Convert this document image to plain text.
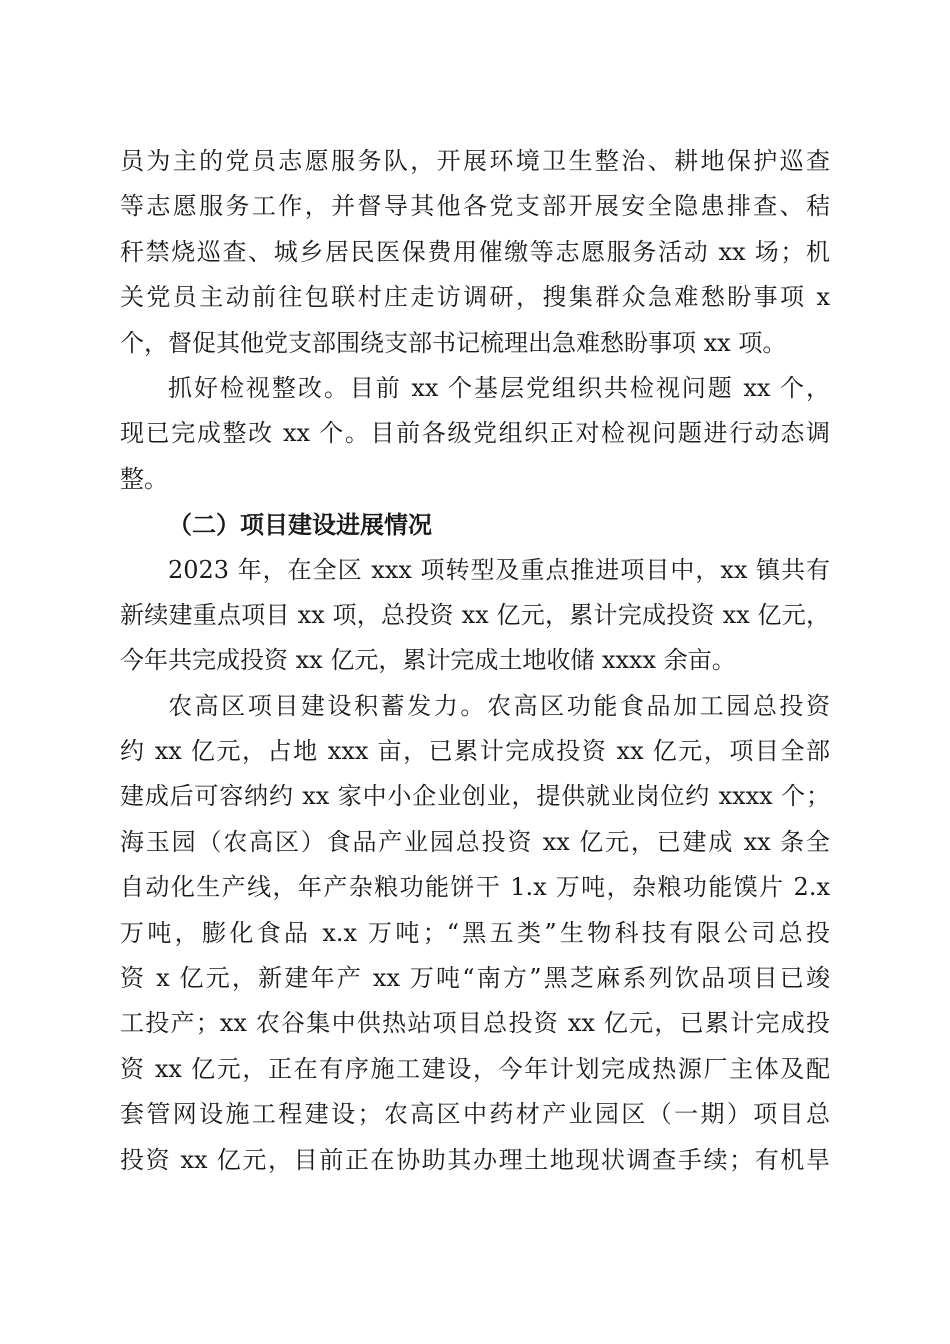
员为主的党员志愿服务队，开展环境卫生整治、耕地保护巡查
等志愿服务工作，并督导其他各党支部开展安全隐患排查、秸
秆禁烧巡查、城乡居民医保费用催缴等志愿服务活动 xx 场；机
关党员主动前往包联村庄走访调研，搜集群众急难愁盼事项 x
个，督促其他党支部围绕支部书记梳理出急难愁盼事项 xx 项。
抓好检视整改。目前 xx 个基层党组织共检视问题 xx 个，
现已完成整改 xx 个。目前各级党组织正对检视问题进行动态调
整。
（二）项目建设进展情况
2023 年，在全区 xxx 项转型及重点推进项目中，xx 镇共有
新续建重点项目 xx 项，总投资 xx 亿元，累计完成投资 xx 亿元，
今年共完成投资 xx 亿元，累计完成土地收储 xxxx 余亩。
农高区项目建设积蓄发力。农高区功能食品加工园总投资
约 xx 亿元，占地 xxx 亩，已累计完成投资 xx 亿元，项目全部
建成后可容纳约 xx 家中小企业创业，提供就业岗位约 xxxx 个；
海玉园（农高区）食品产业园总投资 xx 亿元，已建成 xx 条全
自动化生产线，年产杂粮功能饼干 1.x 万吨，杂粮功能馍片 2.x
万吨，膨化食品 x.x 万吨；“黑五类”生物科技有限公司总投
资 x 亿元，新建年产 xx 万吨“南方”黑芝麻系列饮品项目已竣
工投产；xx 农谷集中供热站项目总投资 xx 亿元，已累计完成投
资 xx 亿元，正在有序施工建设，今年计划完成热源厂主体及配
套管网设施工程建设；农高区中药材产业园区（一期）项目总
投资 xx 亿元，目前正在协助其办理土地现状调查手续；有机旱
